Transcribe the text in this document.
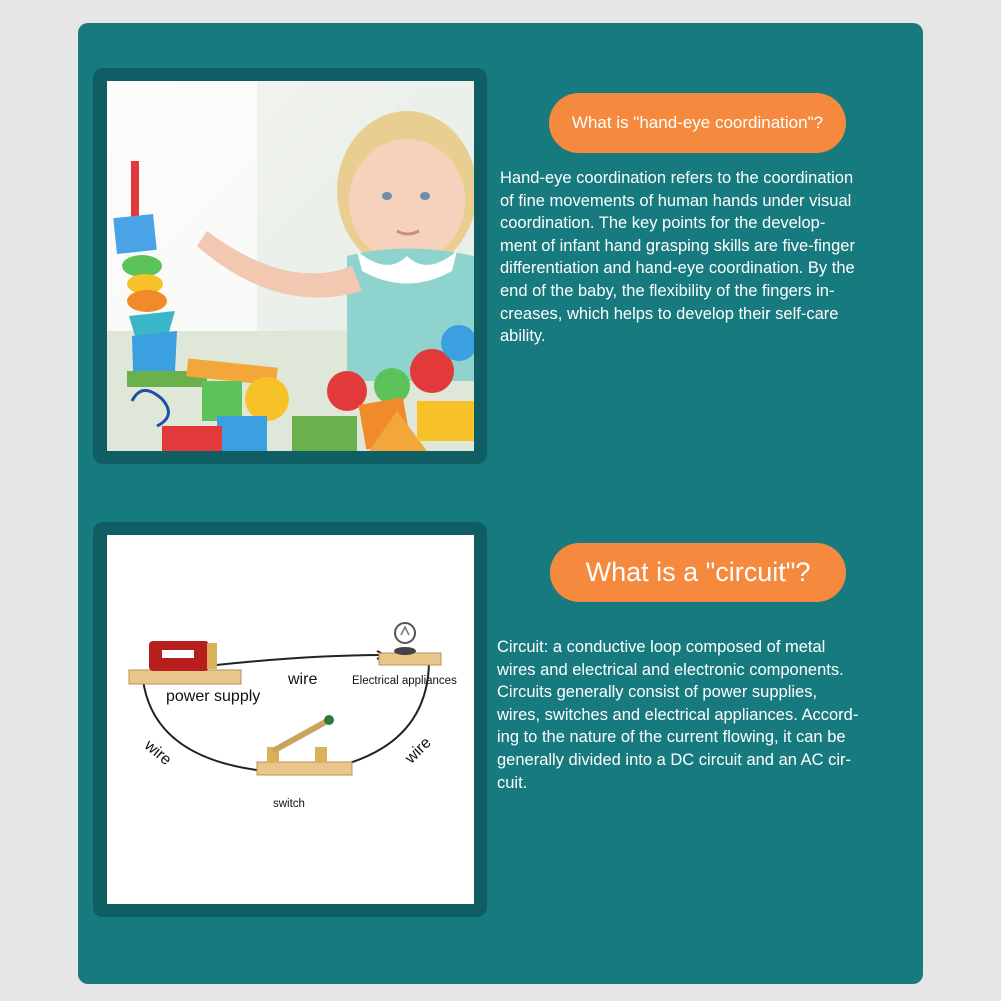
What is "hand-eye coordination"?

Hand-eye coordination refers to the coordination
of fine movements of human hands under visual
coordination. The key points for the develop-
ment of infant hand grasping skills are five-finger
differentiation and hand-eye coordination. By the
end of the baby, the flexibility of the fingers in-
creases, which helps to develop their self-care
ability.

power supply
wire	Electrical appliances
wire	wire
switch
What is a "circuit"?

Circuit: a conductive loop composed of metal
wires and electrical and electronic components.
Circuits generally consist of power supplies,
wires, switches and electrical appliances. Accord-
ing to the nature of the current flowing, it can be
generally divided into a DC circuit and an AC cir-
cuit.
